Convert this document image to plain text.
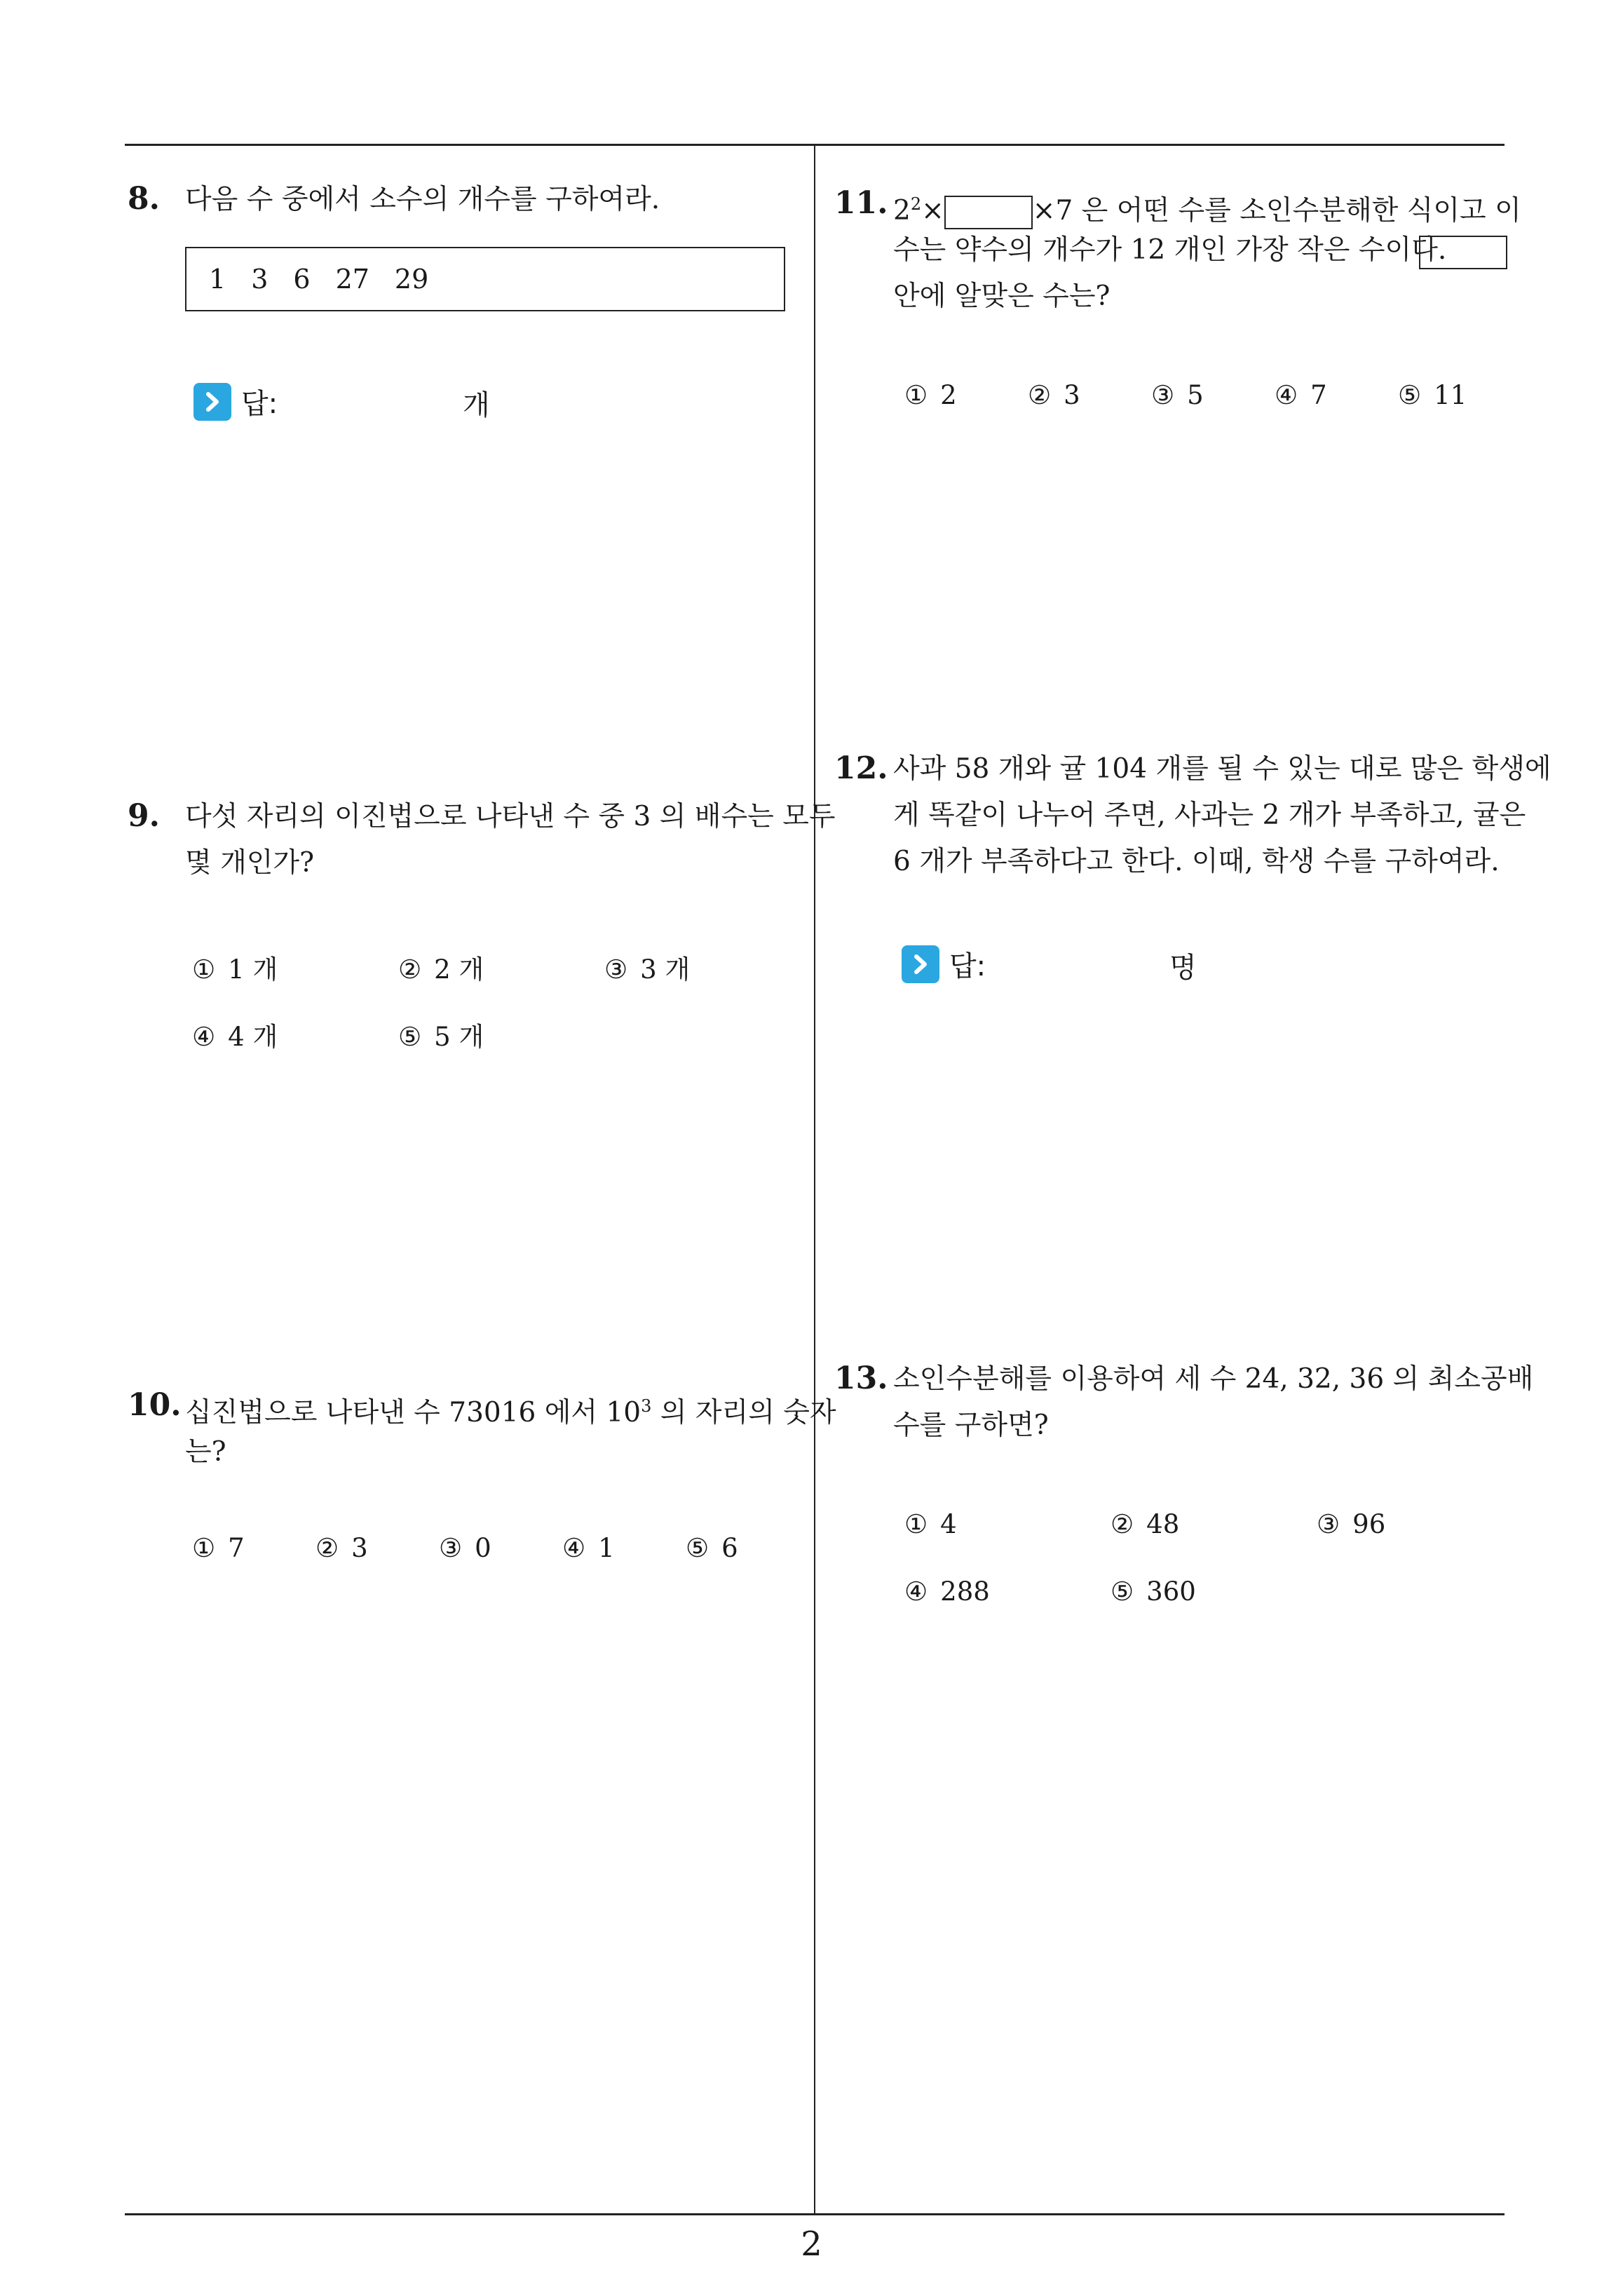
8. 다음 수 중에서 소수의 개수를 구하여라.
1 3 6 27 29
답:	개
9. 다섯 자리의 이진법으로 나타낸 수 중 3 의 배수는 모두
몇 개인가?
① 1 개	② 2 개	③ 3 개
④ 4 개	⑤ 5 개
10. 십진법으로 나타낸 수 73016 에서 $10^3$ 의 자리의 숫자
는?
① 7	② 3	③ 0	④ 1	⑤ 6
11. $2^2\times$	×7 은 어떤 수를 소인수분해한 식이고 이
수는 약수의 개수가 12 개인 가장 작은 수이다.
안에 알맞은 수는?
① 2	② 3	③ 5	④ 7	⑤ 11
12. 사과 58 개와 귤 104 개를 될 수 있는 대로 많은 학생에
게 똑같이 나누어 주면, 사과는 2 개가 부족하고, 귤은
6 개가 부족하다고 한다. 이때, 학생 수를 구하여라.
답:	명
13. 소인수분해를 이용하여 세 수 24, 32, 36 의 최소공배
수를 구하면?
① 4	② 48	③ 96
④ 288	⑤ 360
2
